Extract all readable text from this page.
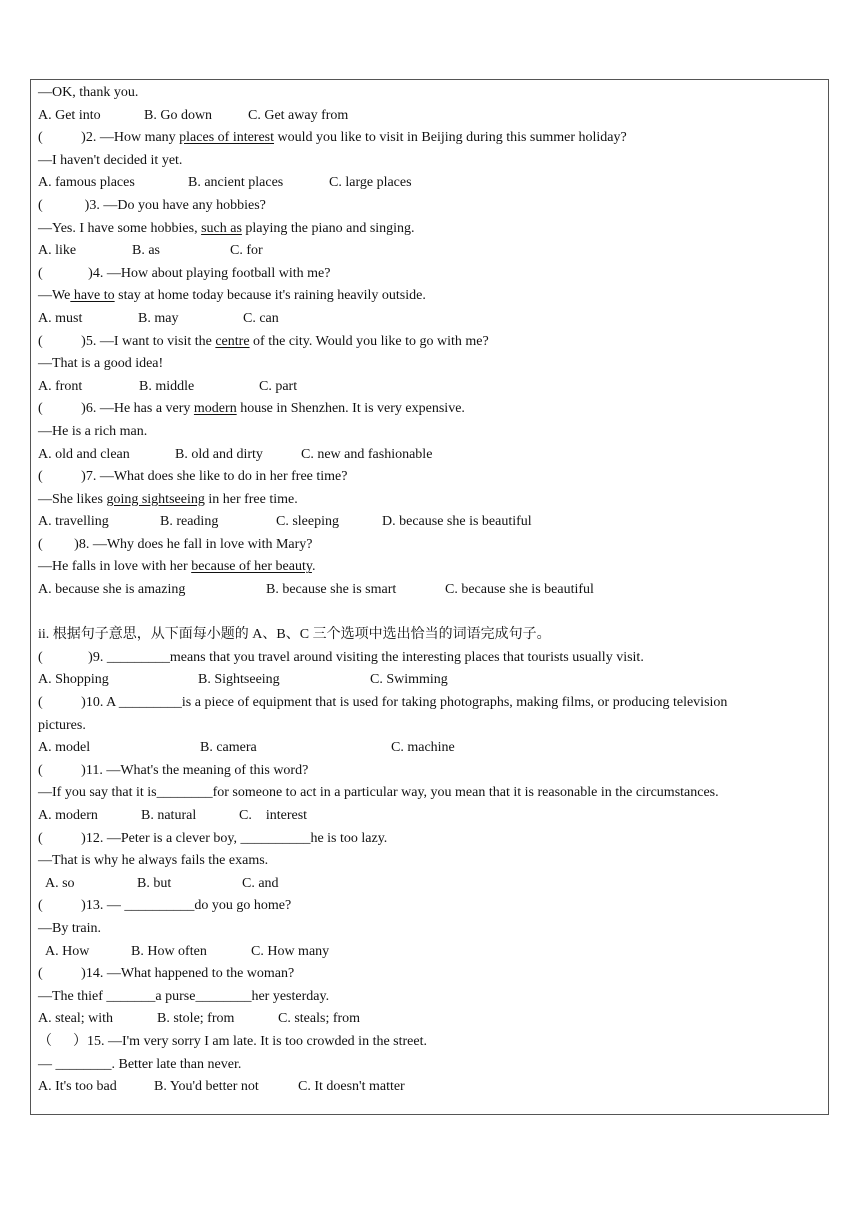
—OK, thank you.
A. Get into	B. Go down	C. Get away from
(	)2. —How many places of interest would you like to visit in Beijing during this summer holiday?
—I haven't decided it yet.
A. famous places	B. ancient places	C. large places
(	)3. —Do you have any hobbies?
—Yes. I have some hobbies, such as playing the piano and singing.
A. like	B. as	C. for
(	)4. —How about playing football with me?
—We have to stay at home today because it's raining heavily outside.
A. must	B. may	C. can
(	)5. —I want to visit the centre of the city. Would you like to go with me?
—That is a good idea!
A. front	B. middle	C. part
(	)6. —He has a very modern house in Shenzhen. It is very expensive.
—He is a rich man.
A. old and clean	B. old and dirty	C. new and fashionable
(	)7. —What does she like to do in her free time?
—She likes going sightseeing in her free time.
A. travelling	B. reading	C. sleeping	D. because she is beautiful
( )8. —Why does he fall in love with Mary?
—He falls in love with her because of her beauty.
A. because she is amazing	B. because she is smart	C. because she is beautiful
ii. 根据句子意思，从下面每小题的 A、B、C 三个选项中选出恰当的词语完成句子。
(	)9. _________means that you travel around visiting the interesting places that tourists usually visit.
A. Shopping	B. Sightseeing	C. Swimming
(	)10. A _________is a piece of equipment that is used for taking photographs, making films, or producing television
pictures.
A. model	B. camera	C. machine
(	)11. —What's the meaning of this word?
—If you say that it is________for someone to act in a particular way, you mean that it is reasonable in the circumstances.
A. modern	B. natural	C.    interest
(	)12. —Peter is a clever boy, __________he is too lazy.
—That is why he always fails the exams.
A. so	B. but	C. and
(	)13. — __________do you go home?
—By train.
A. How	B. How often	C. How many
(	)14. —What happened to the woman?
—The thief _______a purse________her yesterday.
A. steal; with	B. stole; from	C. steals; from
（ ）15. —I'm very sorry I am late. It is too crowded in the street.
— ________. Better late than never.
A. It's too bad	B. You'd better not	C. It doesn't matter
